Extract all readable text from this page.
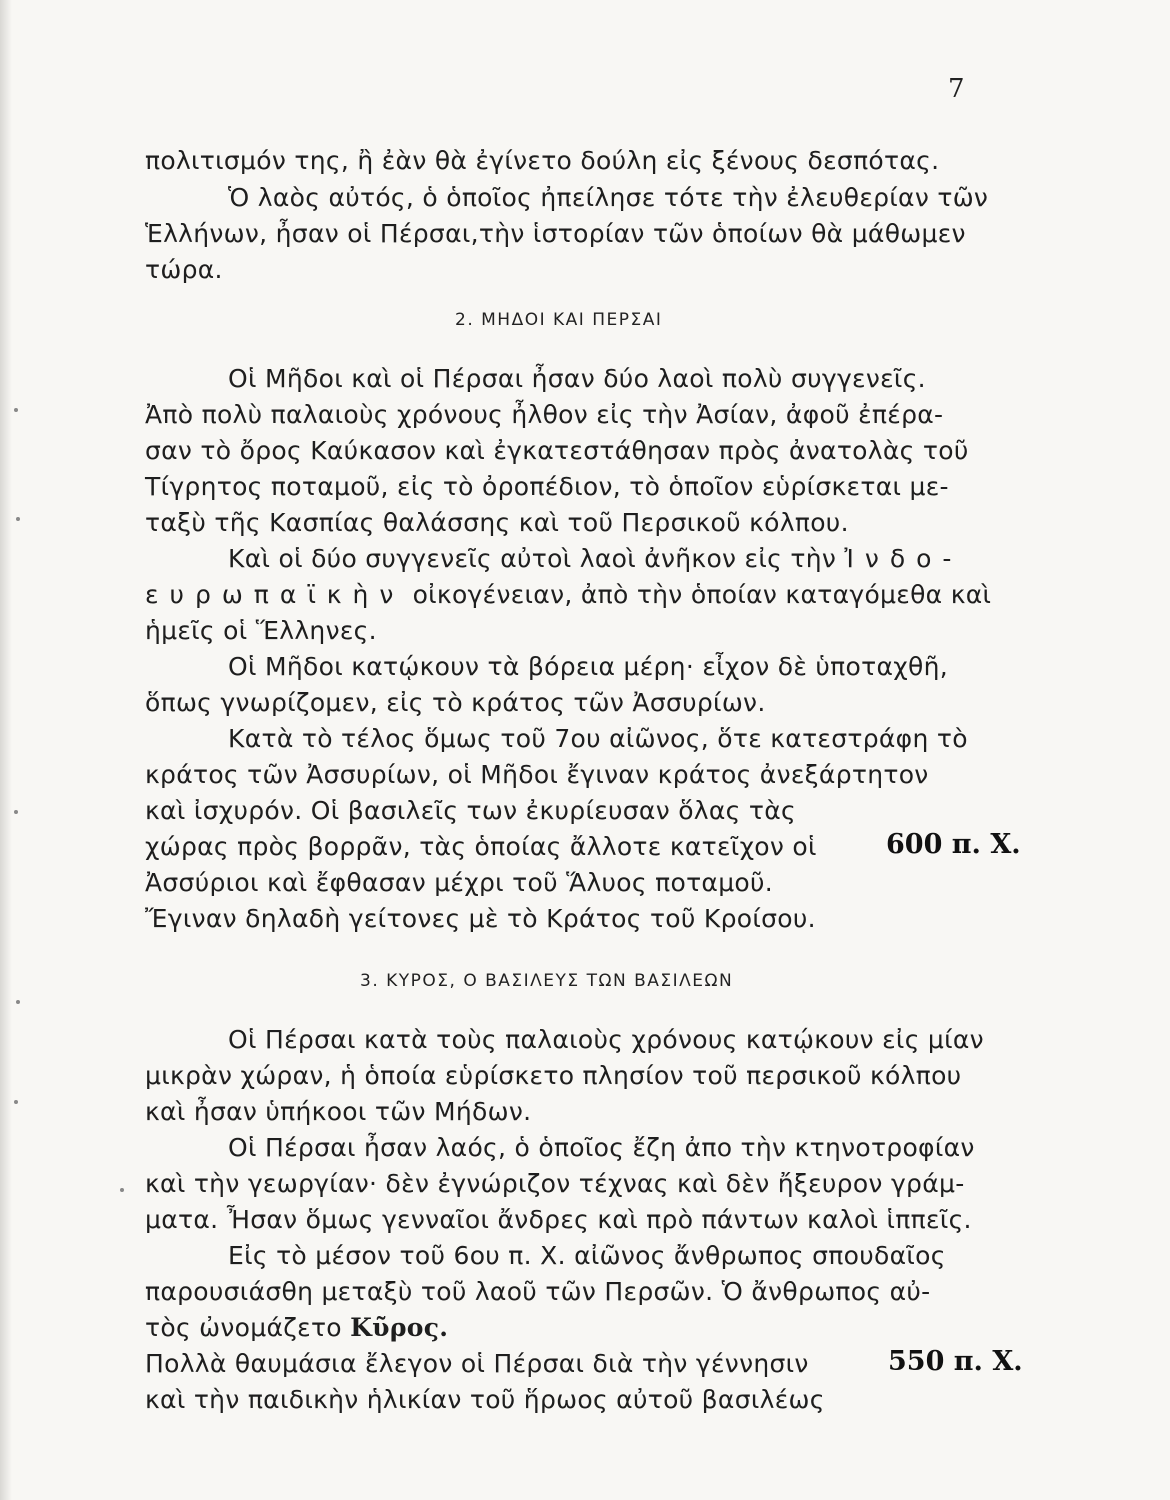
7
πολιτισμόν της, ἢ ἐὰν θὰ ἐγίνετο δούλη εἰς ξένους δεσπότας.
Ὁ λαὸς αὐτός, ὁ ὁποῖος ἠπείλησε τότε τὴν ἐλευθερίαν τῶν
Ἑλλήνων, ἦσαν οἱ Πέρσαι,τὴν ἱστορίαν τῶν ὁποίων θὰ μάθωμεν
τώρα.
2. ΜΗΔΟΙ ΚΑΙ ΠΕΡΣΑΙ
Οἱ Μῆδοι καὶ οἱ Πέρσαι ἦσαν δύο λαοὶ πολὺ συγγενεῖς.
Ἀπὸ πολὺ παλαιοὺς χρόνους ἦλθον εἰς τὴν Ἀσίαν, ἀφοῦ ἐπέρα-
σαν τὸ ὄρος Καύκασον καὶ ἐγκατεστάθησαν πρὸς ἀνατολὰς τοῦ
Τίγρητος ποταμοῦ, εἰς τὸ ὀροπέδιον, τὸ ὁποῖον εὑρίσκεται με-
ταξὺ τῆς Κασπίας θαλάσσης καὶ τοῦ Περσικοῦ κόλπου.
Καὶ οἱ δύο συγγενεῖς αὐτοὶ λαοὶ ἀνῆκον εἰς τὴν Ἰνδο-
ευρωπαϊκὴν οἰκογένειαν, ἀπὸ τὴν ὁποίαν καταγόμεθα καὶ
ἡμεῖς οἱ Ἕλληνες.
Οἱ Μῆδοι κατῴκουν τὰ βόρεια μέρη· εἶχον δὲ ὑποταχθῆ,
ὅπως γνωρίζομεν, εἰς τὸ κράτος τῶν Ἀσσυρίων.
Κατὰ τὸ τέλος ὅμως τοῦ 7ου αἰῶνος, ὅτε κατεστράφη τὸ
κράτος τῶν Ἀσσυρίων, οἱ Μῆδοι ἔγιναν κράτος ἀνεξάρτητον
καὶ ἰσχυρόν. Οἱ βασιλεῖς των ἐκυρίευσαν ὅλας τὰς
χώρας πρὸς βορρᾶν, τὰς ὁποίας ἄλλοτε κατεῖχον οἱ	600 π. Χ.
Ἀσσύριοι καὶ ἔφθασαν μέχρι τοῦ Ἅλυος ποταμοῦ.
Ἔγιναν δηλαδὴ γείτονες μὲ τὸ Κράτος τοῦ Κροίσου.
3. ΚΥΡΟΣ, Ο ΒΑΣΙΛΕΥΣ ΤΩΝ ΒΑΣΙΛΕΩΝ
Οἱ Πέρσαι κατὰ τοὺς παλαιοὺς χρόνους κατῴκουν εἰς μίαν
μικρὰν χώραν, ἡ ὁποία εὑρίσκετο πλησίον τοῦ περσικοῦ κόλπου
καὶ ἦσαν ὑπήκοοι τῶν Μήδων.
Οἱ Πέρσαι ἦσαν λαός, ὁ ὁποῖος ἔζη ἀπο τὴν κτηνοτροφίαν
καὶ τὴν γεωργίαν· δὲν ἐγνώριζον τέχνας καὶ δὲν ἤξευρον γράμ-
ματα. Ἦσαν ὅμως γενναῖοι ἄνδρες καὶ πρὸ πάντων καλοὶ ἱππεῖς.
Εἰς τὸ μέσον τοῦ 6ου π. Χ. αἰῶνος ἄνθρωπος σπουδαῖος
παρουσιάσθη μεταξὺ τοῦ λαοῦ τῶν Περσῶν. Ὁ ἄνθρωπος αὐ-
τὸς ὠνομάζετο Κῦρος.
Πολλὰ θαυμάσια ἔλεγον οἱ Πέρσαι διὰ τὴν γέννησιν	550 π. Χ.
καὶ τὴν παιδικὴν ἡλικίαν τοῦ ἥρωος αὐτοῦ βασιλέως
